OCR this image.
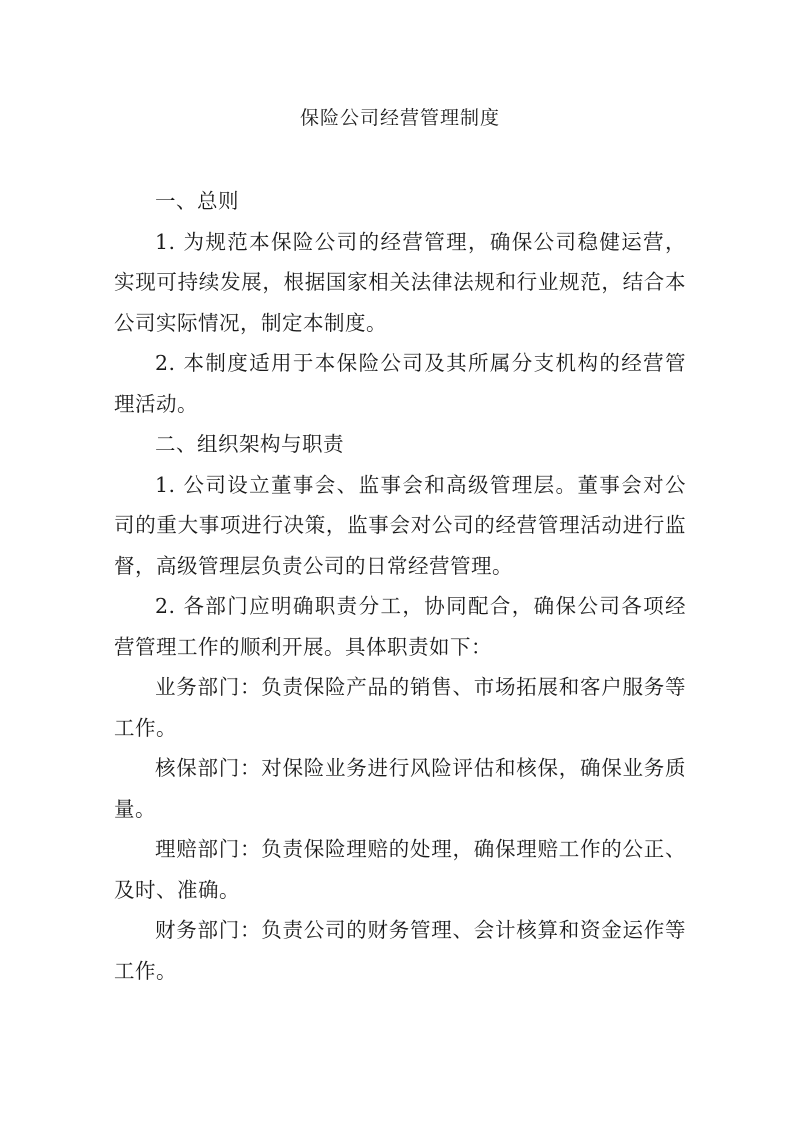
保险公司经营管理制度

一、总则

1. 为规范本保险公司的经营管理，确保公司稳健运营，实现可持续发展，根据国家相关法律法规和行业规范，结合本公司实际情况，制定本制度。

2. 本制度适用于本保险公司及其所属分支机构的经营管理活动。

二、组织架构与职责

1. 公司设立董事会、监事会和高级管理层。董事会对公司的重大事项进行决策，监事会对公司的经营管理活动进行监督，高级管理层负责公司的日常经营管理。

2. 各部门应明确职责分工，协同配合，确保公司各项经营管理工作的顺利开展。具体职责如下：

业务部门：负责保险产品的销售、市场拓展和客户服务等工作。

核保部门：对保险业务进行风险评估和核保，确保业务质量。

理赔部门：负责保险理赔的处理，确保理赔工作的公正、及时、准确。

财务部门：负责公司的财务管理、会计核算和资金运作等工作。
